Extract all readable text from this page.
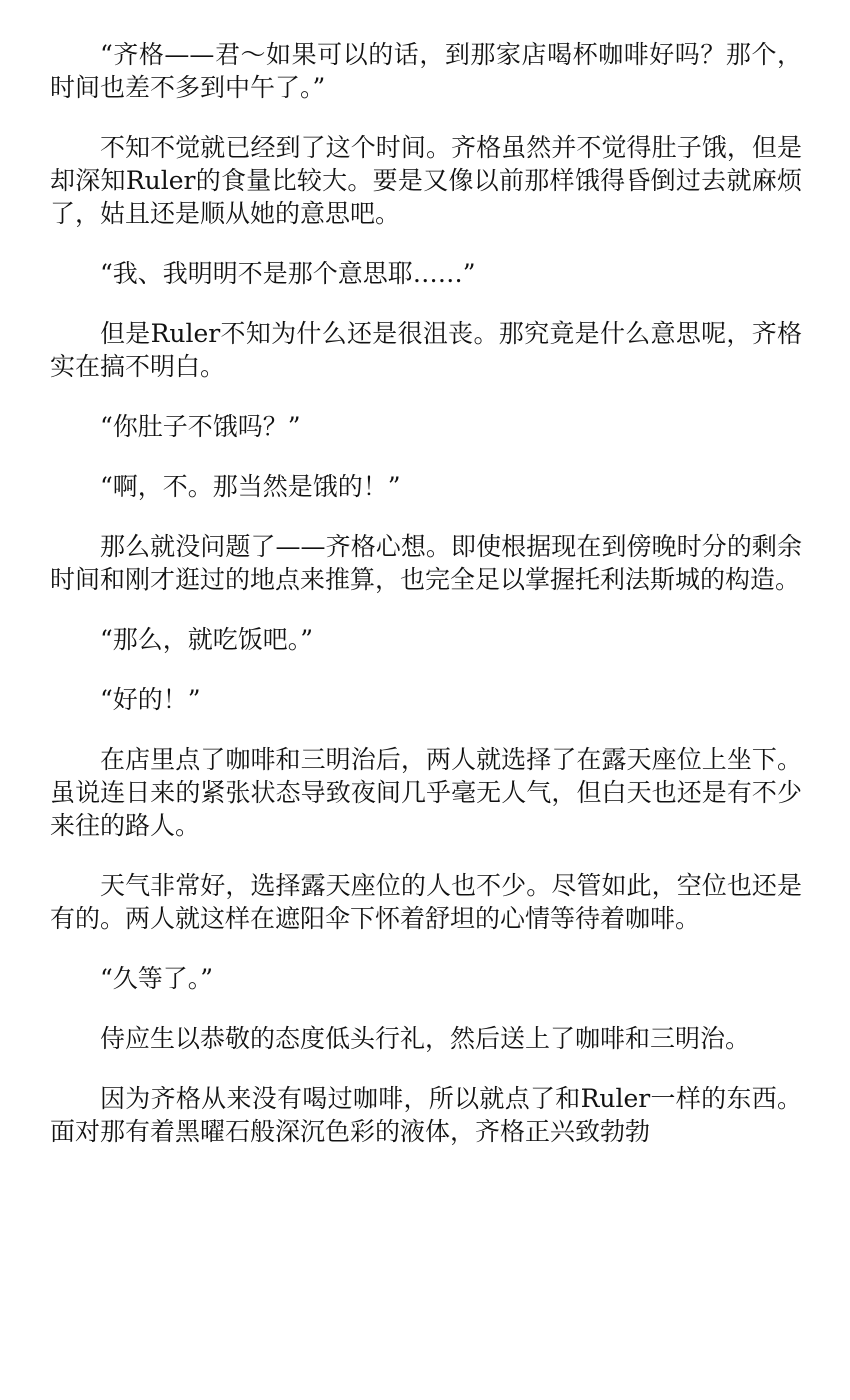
“齐格——君～如果可以的话，到那家店喝杯咖啡好吗？那个，时间也差不多到中午了。”

不知不觉就已经到了这个时间。齐格虽然并不觉得肚子饿，但是却深知Ruler的食量比较大。要是又像以前那样饿得昏倒过去就麻烦了，姑且还是顺从她的意思吧。

“我、我明明不是那个意思耶……”

但是Ruler不知为什么还是很沮丧。那究竟是什么意思呢，齐格实在搞不明白。

“你肚子不饿吗？”

“啊，不。那当然是饿的！”

那么就没问题了——齐格心想。即使根据现在到傍晚时分的剩余时间和刚才逛过的地点来推算，也完全足以掌握托利法斯城的构造。

“那么，就吃饭吧。”

“好的！”

在店里点了咖啡和三明治后，两人就选择了在露天座位上坐下。虽说连日来的紧张状态导致夜间几乎毫无人气，但白天也还是有不少来往的路人。

天气非常好，选择露天座位的人也不少。尽管如此，空位也还是有的。两人就这样在遮阳伞下怀着舒坦的心情等待着咖啡。

“久等了。”

侍应生以恭敬的态度低头行礼，然后送上了咖啡和三明治。

因为齐格从来没有喝过咖啡，所以就点了和Ruler一样的东西。面对那有着黑曜石般深沉色彩的液体，齐格正兴致勃勃
